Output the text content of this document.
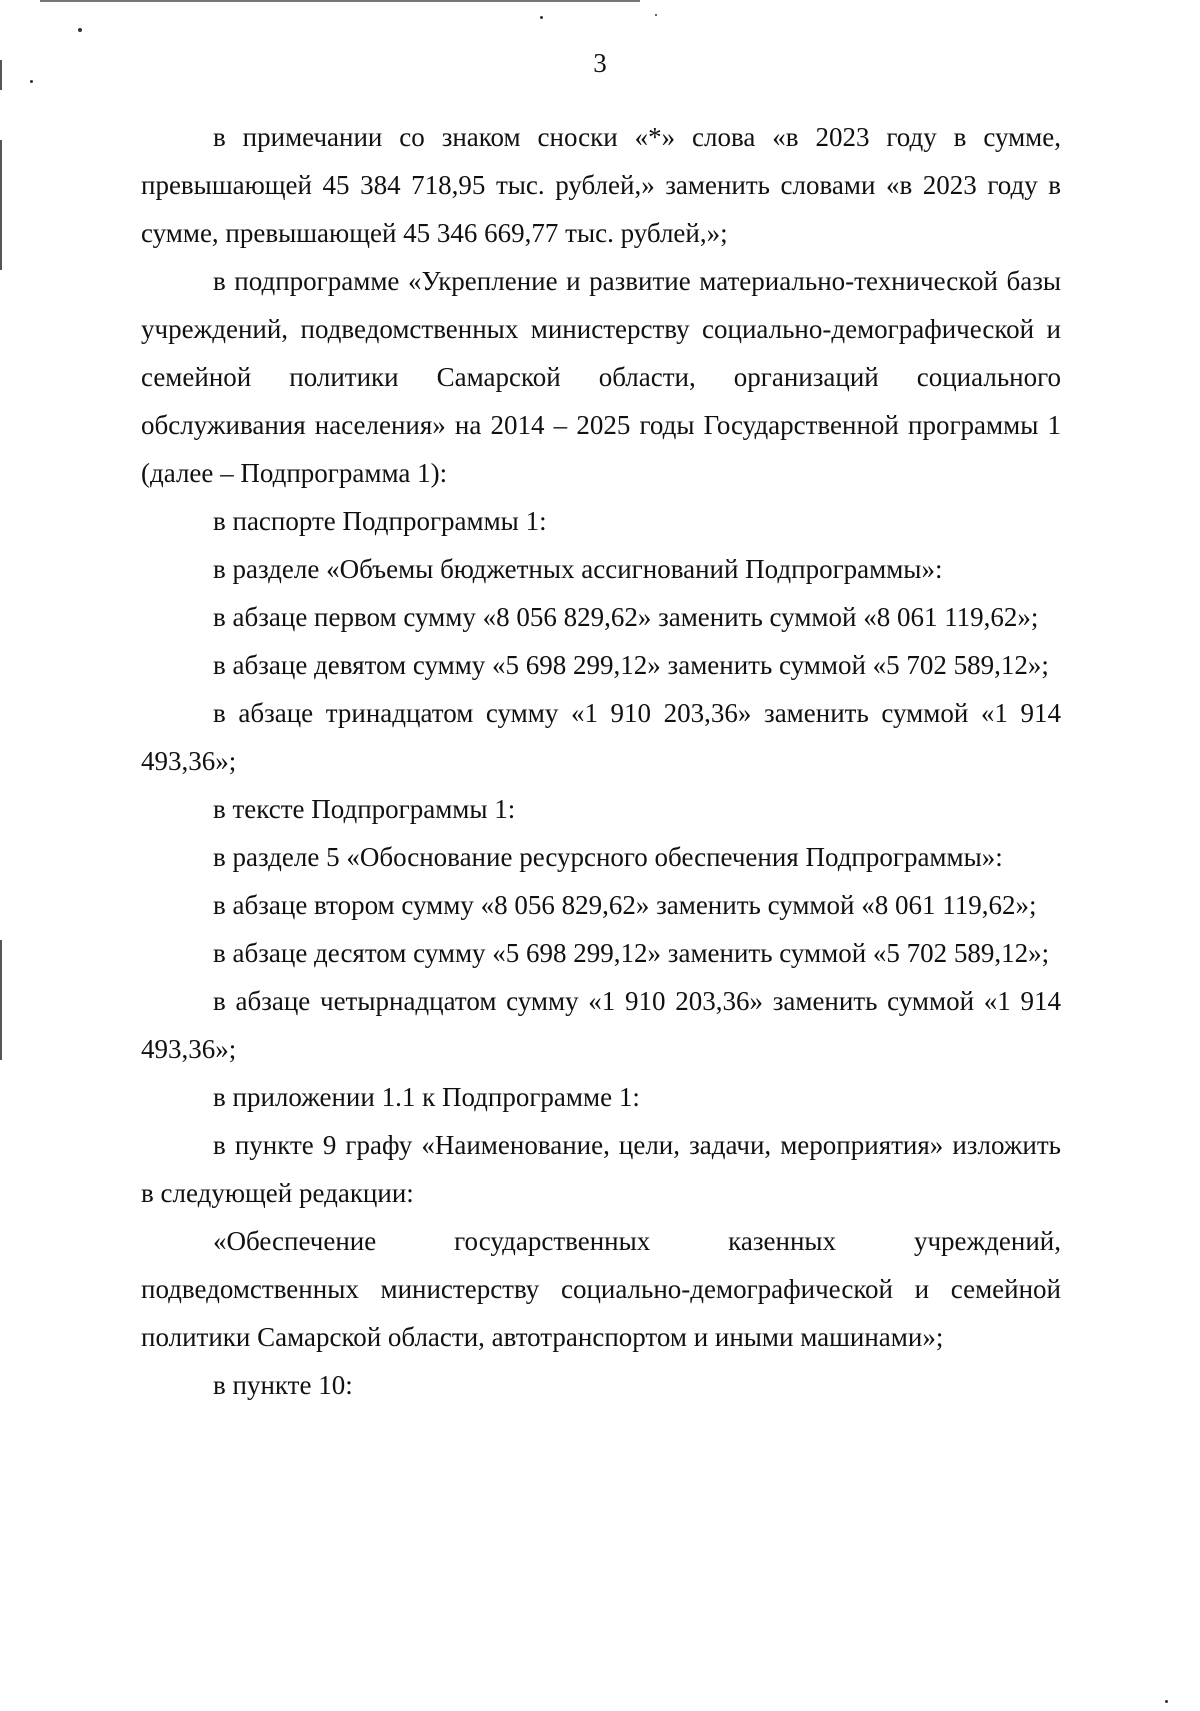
3

в примечании со знаком сноски «*» слова «в 2023 году в сумме, превышающей 45 384 718,95 тыс. рублей,» заменить словами «в 2023 году в сумме, превышающей 45 346 669,77 тыс. рублей,»;

в подпрограмме «Укрепление и развитие материально-технической базы учреждений, подведомственных министерству социально-демографической и семейной политики Самарской области, организаций социального обслуживания населения» на 2014 – 2025 годы Государственной программы 1 (далее – Подпрограмма 1):

в паспорте Подпрограммы 1:

в разделе «Объемы бюджетных ассигнований Подпрограммы»:

в абзаце первом сумму «8 056 829,62» заменить суммой «8 061 119,62»;

в абзаце девятом сумму «5 698 299,12» заменить суммой «5 702 589,12»;

в абзаце тринадцатом сумму «1 910 203,36» заменить суммой «1 914 493,36»;

в тексте Подпрограммы 1:

в разделе 5 «Обоснование ресурсного обеспечения Подпрограммы»:

в абзаце втором сумму «8 056 829,62» заменить суммой «8 061 119,62»;

в абзаце десятом сумму «5 698 299,12» заменить суммой «5 702 589,12»;

в абзаце четырнадцатом сумму «1 910 203,36» заменить суммой «1 914 493,36»;

в приложении 1.1 к Подпрограмме 1:

в пункте 9 графу «Наименование, цели, задачи, мероприятия» изложить в следующей редакции:

«Обеспечение государственных казенных учреждений, подведомственных министерству социально-демографической и семейной политики Самарской области, автотранспортом и иными машинами»;

в пункте 10:
